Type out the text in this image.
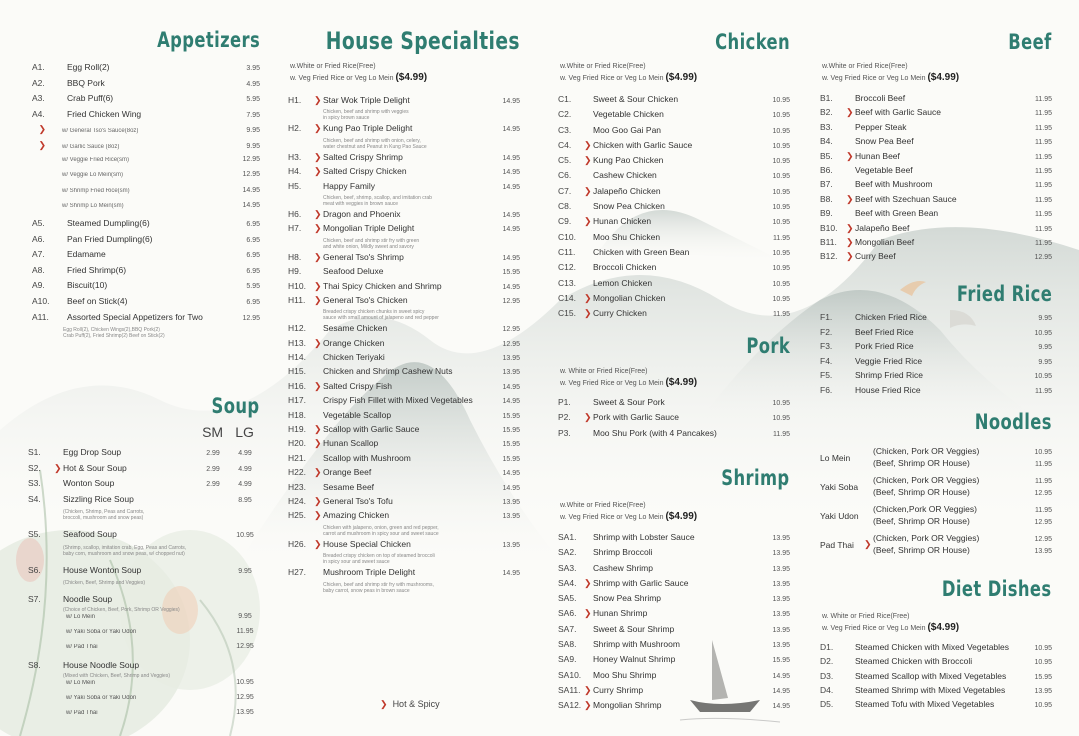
Appetizers
A1.	Egg Roll(2)	3.95
A2.	BBQ Pork	4.95
A3.	Crab Puff(6)	5.95
A4.	Fried Chicken Wing	7.95
❯	w/ General Tso's Sauce(8oz)	9.95
❯	w/ Garlic Sauce (8oz)	9.95
w/ Veggie Fried Rice(sm)	12.95
w/ Veggie Lo Mein(sm)	12.95
w/ Shrimp Fried Rice(sm)	14.95
w/ Shrimp Lo Mein(sm)	14.95
A5.	Steamed Dumpling(6)	6.95
A6.	Pan Fried Dumpling(6)	6.95
A7.	Edamame	6.95
A8.	Fried Shrimp(6)	6.95
A9.	Biscuit(10)	5.95
A10.	Beef on Stick(4)	6.95
A11.	Assorted Special Appetizers for Two	12.95
Egg Roll(2), Chicken Wings(2),BBQ Pork(2)
Crab Puff(2), Fried Shrimp(2) Beef on Stick(2)
Soup
SM LG
S1.	Egg Drop Soup	2.99	4.99
S2.	❯ Hot & Sour Soup	2.99	4.99
S3.	Wonton Soup	2.99	4.99
S4.	Sizzling Rice Soup	8.95
(Chicken, Shrimp, Peas and Carrots,
broccoli, mushroom and snow peas)
S5.	Seafood Soup	10.95
(Shrimp, scallop, imitation crab, Egg, Peas and Carrots,
baby corn, mushroom and snow peas, w/ chopped nut)
S6.	House Wonton Soup	9.95
(Chicken, Beef, Shrimp and Veggies)
S7.	Noodle Soup
(Choice of Chicken, Beef, Pork, Shrimp OR Veggies)
w/ Lo Mein	9.95
w/ Yaki Soba or Yaki Udon	11.95
w/ Pad Thai	12.95
S8.	House Noodle Soup
(Mixed with Chicken, Beef, Shrimp and Veggies)
w/ Lo Mein	10.95
w/ Yaki Soba or Yaki Udon	12.95
w/ Pad Thai	13.95
House Specialties
w.White or Fried Rice(Free)
w. Veg Fried Rice or Veg Lo Mein ($4.99)
H1.	❯ Star Wok Triple Delight	14.95
Chicken, beef and shrimp with veggies
in spicy brown sauce
H2.	❯ Kung Pao Triple Delight	14.95
Chicken, beef and shrimp with onion, celery,
water chestnut and Peanut in Kung Pao Sauce
H3.	❯ Salted Crispy Shrimp	14.95
H4.	❯ Salted Crispy Chicken	14.95
H5.	Happy Family	14.95
Chicken, beef, shrimp, scallop, and imitation crab
meat with veggies in brown sauce
H6.	❯ Dragon and Phoenix	14.95
H7.	❯ Mongolian Triple Delight	14.95
Chicken, beef and shrimp stir fry with green
and white onion, Mildly sweet and savory
H8.	❯ General Tso's Shrimp	14.95
H9.	Seafood Deluxe	15.95
H10. ❯ Thai Spicy Chicken and Shrimp	14.95
H11. ❯ General Tso's Chicken	12.95
Breaded crispy chicken chunks in sweet spicy
sauce with small amount of jalapeno and red pepper
H12.	Sesame Chicken	12.95
H13. ❯ Orange Chicken	12.95
H14.	Chicken Teriyaki	13.95
H15.	Chicken and Shrimp Cashew Nuts	13.95
H16. ❯ Salted Crispy Fish	14.95
H17.	Crispy Fish Fillet with Mixed Vegetables	14.95
H18.	Vegetable Scallop	15.95
H19. ❯ Scallop with Garlic Sauce	15.95
H20. ❯ Hunan Scallop	15.95
H21.	Scallop with Mushroom	15.95
H22. ❯ Orange Beef	14.95
H23.	Sesame Beef	14.95
H24. ❯ General Tso's Tofu	13.95
H25. ❯ Amazing Chicken	13.95
Chicken with jalapeno, onion, green and red pepper,
carrot and mushroom in spicy sour and sweet sauce
H26. ❯ House Special Chicken	13.95
Breaded crispy chicken on top of steamed broccoli
in spicy sour and sweet sauce
H27.	Mushroom Triple Delight	14.95
Chicken, beef and shrimp stir fry with mushrooms,
baby carrot, snow peas in brown sauce
❯ Hot & Spicy
Chicken
w.White or Fried Rice(Free)
w. Veg Fried Rice or Veg Lo Mein ($4.99)
C1.	Sweet & Sour Chicken	10.95
C2.	Vegetable Chicken	10.95
C3.	Moo Goo Gai Pan	10.95
C4.	❯ Chicken with Garlic Sauce	10.95
C5.	❯ Kung Pao Chicken	10.95
C6.	Cashew Chicken	10.95
C7.	❯ Jalapeño Chicken	10.95
C8.	Snow Pea Chicken	10.95
C9.	❯ Hunan Chicken	10.95
C10.	Moo Shu Chicken	11.95
C11.	Chicken with Green Bean	10.95
C12.	Broccoli Chicken	10.95
C13.	Lemon Chicken	10.95
C14. ❯ Mongolian Chicken	10.95
C15. ❯ Curry Chicken	11.95
Pork
w. White or Fried Rice(Free)
w. Veg Fried Rice or Veg Lo Mein ($4.99)
P1.	Sweet & Sour Pork	10.95
P2.	❯ Pork with Garlic Sauce	10.95
P3.	Moo Shu Pork (with 4 Pancakes)	11.95
Shrimp
w.White or Fried Rice(Free)
w. Veg Fried Rice or Veg Lo Mein ($4.99)
SA1.	Shrimp with Lobster Sauce	13.95
SA2.	Shrimp Broccoli	13.95
SA3.	Cashew Shrimp	13.95
SA4. ❯ Shrimp with Garlic Sauce	13.95
SA5.	Snow Pea Shrimp	13.95
SA6. ❯ Hunan Shrimp	13.95
SA7.	Sweet & Sour Shrimp	13.95
SA8.	Shrimp with Mushroom	13.95
SA9.	Honey Walnut Shrimp	15.95
SA10.	Moo Shu Shrimp	14.95
SA11. ❯ Curry Shrimp	14.95
SA12. ❯ Mongolian Shrimp	14.95
Beef
w.White or Fried Rice(Free)
w. Veg Fried Rice or Veg Lo Mein ($4.99)
B1.	Broccoli Beef	11.95
B2.	❯ Beef with Garlic Sauce	11.95
B3.	Pepper Steak	11.95
B4.	Snow Pea Beef	11.95
B5.	❯ Hunan Beef	11.95
B6.	Vegetable Beef	11.95
B7.	Beef with Mushroom	11.95
B8.	❯ Beef with Szechuan Sauce	11.95
B9.	Beef with Green Bean	11.95
B10. ❯ Jalapeño Beef	11.95
B11.	❯ Mongolian Beef	11.95
B12. ❯ Curry Beef	12.95
Fried Rice
F1.	Chicken Fried Rice	9.95
F2.	Beef Fried Rice	10.95
F3.	Pork Fried Rice	9.95
F4.	Veggie Fried Rice	9.95
F5.	Shrimp Fried Rice	10.95
F6.	House Fried Rice	11.95
Noodles
Lo Mein
(Chicken, Pork OR Veggies)	10.95
(Beef, Shrimp OR House)	11.95
Yaki Soba
(Chicken, Pork OR Veggies)	11.95
(Beef, Shrimp OR House)	12.95
Yaki Udon
(Chicken,Pork OR Veggies)	11.95
(Beef, Shrimp OR House)	12.95
Pad Thai	❯
(Chicken, Pork OR Veggies)	12.95
(Beef, Shrimp OR House)	13.95
Diet Dishes
w. White or Fried Rice(Free)
w. Veg Fried Rice or Veg Lo Mein ($4.99)
D1.	Steamed Chicken with Mixed Vegetables	10.95
D2.	Steamed Chicken with Broccoli	10.95
D3.	Steamed Scallop with Mixed Vegetables	15.95
D4.	Steamed Shrimp with Mixed Vegetables	13.95
D5.	Steamed Tofu with Mixed Vegetables	10.95
